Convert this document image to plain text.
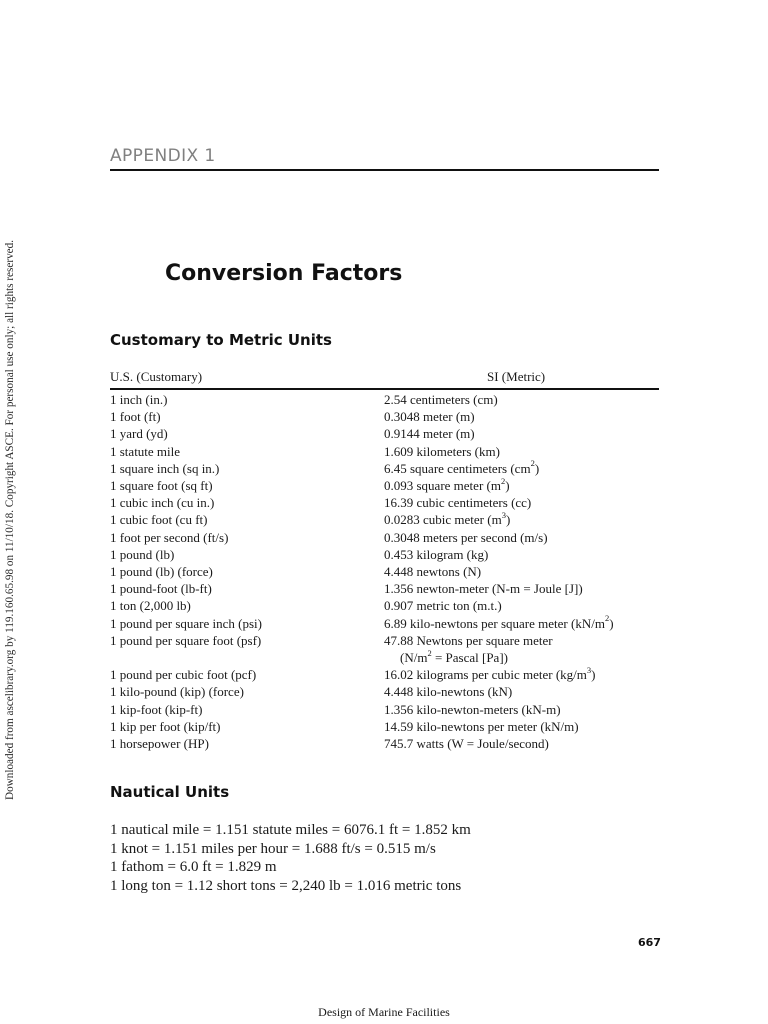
Downloaded from ascelibrary.org by 119.160.65.98 on 11/10/18. Copyright ASCE. For personal use only; all rights reserved.
APPENDIX 1
Conversion Factors
Customary to Metric Units
U.S. (Customary)	SI (Metric)
1 inch (in.)	2.54 centimeters (cm)
1 foot (ft)	0.3048 meter (m)
1 yard (yd)	0.9144 meter (m)
1 statute mile	1.609 kilometers (km)
1 square inch (sq in.)	6.45 square centimeters $(cm^2)$
1 square foot (sq ft)	0.093 square meter $(m^2)$
1 cubic inch (cu in.)	16.39 cubic centimeters (cc)
1 cubic foot (cu ft)	0.0283 cubic meter $(m^3)$
1 foot per second (ft/s)	0.3048 meters per second (m/s)
1 pound (lb)	0.453 kilogram (kg)
1 pound (lb) (force)	4.448 newtons (N)
1 pound-foot (lb-ft)	1.356 newton-meter (N-m = Joule [J])
1 ton (2,000 lb)	0.907 metric ton (m.t.)
1 pound per square inch (psi)	6.89 kilo-newtons per square meter $(kN/m^2)$
1 pound per square foot (psf)	47.88 Newtons per square meter
($N/m^2$ = Pascal [Pa])
1 pound per cubic foot (pcf)	16.02 kilograms per cubic meter $(kg/m^3)$
1 kilo-pound (kip) (force)	4.448 kilo-newtons (kN)
1 kip-foot (kip-ft)	1.356 kilo-newton-meters (kN-m)
1 kip per foot (kip/ft)	14.59 kilo-newtons per meter (kN/m)
1 horsepower (HP)	745.7 watts (W = Joule/second)
Nautical Units
1 nautical mile = 1.151 statute miles = 6076.1 ft = 1.852 km
1 knot = 1.151 miles per hour = 1.688 ft/s = 0.515 m/s
1 fathom = 6.0 ft = 1.829 m
1 long ton = 1.12 short tons = 2,240 lb = 1.016 metric tons
667
Design of Marine Facilities
